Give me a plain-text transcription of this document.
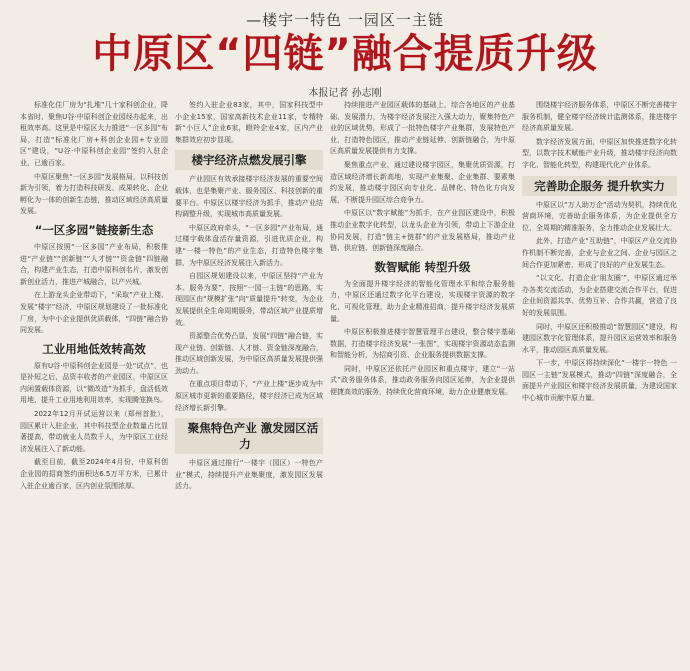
—楼宇一特色 一园区一主链
中原区“四链”融合提质升级
本报记者 孙志刚

标准化住厂房为“扎堆”几十家科创企业，降本省时、聚焦U谷·中原科创企业园经办起来，出租效率高。这里是中原区大力推进“一区多园”布局，打造“标准化厂房+科创企业园+专业园区”建设，“U谷·中原科创企业园”签约入驻企业，已逾百家。

中原区聚焦“一区多园”发展格局，以科技创新为引领，着力打造科技研发、成果转化、企业孵化为一体的创新生态链，推动区域经济高质量发展。

“一区多园”链接新生态

中原区按照“一区多园”产业布局，积极推进“产业链”“创新链”“人才链”“资金链”四链融合，构建产业生态，打造中原科创名片，激发创新创业活力，推进产城融合，以产兴城。

在上游龙头企业带动下，“采取”产业上楼、发展“楼宇”经济，中原区规划建设了一批标准化厂房，为中小企业提供优质载体，“四链”融合协同发展。

工业用地低效转高效

原有U谷·中原科创企业园是一处“试点”，也是补短之后，品资丰收者的产业园区，中原区区内闲置载体资源，以“微改造”为抓手，盘活低效用地，提升工业用地利用效率，实现腾笼换鸟。

2022年12月开试运营以来（郑州首批），园区累计入驻企业，其中科技型企业数量占比显著提高，带动就业人员数千人，为中原区工业经济发展注入了新动能。

截至目前，截至2024年4月份，中原科创企业园的招商签约面积达6.5万平方米，已累计入驻企业逾百家，区内创业氛围浓厚。

签约入驻企业83家，其中，国家科技型中小企业15家，国家高新技术企业11家，专精特新“小巨人”企业6家，瞪羚企业4家，区内产业集群效应初步显现。

楼宇经济点燃发展引擎

产业园区有效承接楼宇经济发展的重要空间载体，也是集聚产业、服务园区、科技创新的重要平台。中原区以楼宇经济为抓手，推动产业结构调整升级，实现城市高质量发展。

中原区政府牵头，“一区多园”产业布局，通过楼宇载体盘活存量资源，引进优质企业，构建“一楼一特色”的产业生态，打造特色楼宇集群，为中原区经济发展注入新活力。

自园区规划建设以来，中原区坚持“产业为本、服务为要”，按照“一园一主链”的思路，实现园区由“规模扩张”向“质量提升”转变，为企业发展提供全生命周期服务，带动区域产业提质增效。

资源整合优势凸显，发展“四链”融合链，实现产业链、创新链、人才链、资金链深度融合，推动区域创新发展，为中原区高质量发展提供强劲动力。

在重点项目带动下，“产业上楼”逐步成为中原区城市更新的重要路径，楼宇经济已成为区域经济增长新引擎。

聚焦特色产业 激发园区活力

中原区通过推行“一楼宇（园区）一特色产业”模式，持续提升产业集聚度，激发园区发展活力。

持续推进产业园区载体的基础上，综合各地区的产业基础、发展潜力，为楼宇经济发展注入强大动力，聚集特色产业的区域优势，形成了一批特色楼宇产业集群，发展特色产业，打造特色园区，推动产业链延伸、创新链融合，为中原区高质量发展提供有力支撑。

聚焦重点产业，通过建设楼宇园区，集聚优质资源，打造区域经济增长新高地，实现产业集聚、企业集群、要素集约发展，推动楼宇园区向专业化、品牌化、特色化方向发展，不断提升园区综合竞争力。

中原区以“数字赋能”为抓手，在产业园区建设中，积极推动企业数字化转型，以龙头企业为引领，带动上下游企业协同发展，打造“链主+链群”的产业发展格局，推动产业链、供应链、创新链深度融合。

数智赋能 转型升级

为全面提升楼宇经济的智能化管理水平和综合服务能力，中原区还通过数字化平台建设，实现楼宇资源的数字化、可视化管理，助力企业精准招商，提升楼宇经济发展质量。

中原区积极推进楼宇智慧管理平台建设，整合楼宇基础数据，打造楼宇经济发展“一张图”，实现楼宇资源动态监测和智能分析，为招商引资、企业服务提供数据支撑。

同时，中原区还依托产业园区和重点楼宇，建立“一站式”政务服务体系，推动政务服务向园区延伸，为企业提供便捷高效的服务，持续优化营商环境，助力企业健康发展。

围绕楼宇经济服务体系，中原区不断完善楼宇服务机制，健全楼宇经济统计监测体系，推进楼宇经济高质量发展。

数字经济发展方面，中原区加快推进数字化转型，以数字技术赋能产业升级，推动楼宇经济向数字化、智能化转型，构建现代化产业体系。

完善助企服务 提升软实力

中原区以“万人助万企”活动为契机，持续优化营商环境，完善助企服务体系，为企业提供全方位、全周期的精准服务，全力推动企业发展壮大。

此外，打造产业“互助链”，中原区产业交流协作机制不断完善，企业与企业之间、企业与园区之间合作更加紧密，形成了良好的产业发展生态。

“以文化、打造企业‘朋友圈’”，中原区通过举办各类交流活动，为企业搭建交流合作平台，促进企业间资源共享、优势互补、合作共赢，营造了良好的发展氛围。

同时，中原区还积极推动“智慧园区”建设，构建园区数字化管理体系，提升园区运营效率和服务水平，推动园区高质量发展。

下一步，中原区将持续深化“一楼宇一特色 一园区一主链”发展模式，推动“四链”深度融合，全面提升产业园区和楼宇经济发展质量，为建设国家中心城市贡献中原力量。
